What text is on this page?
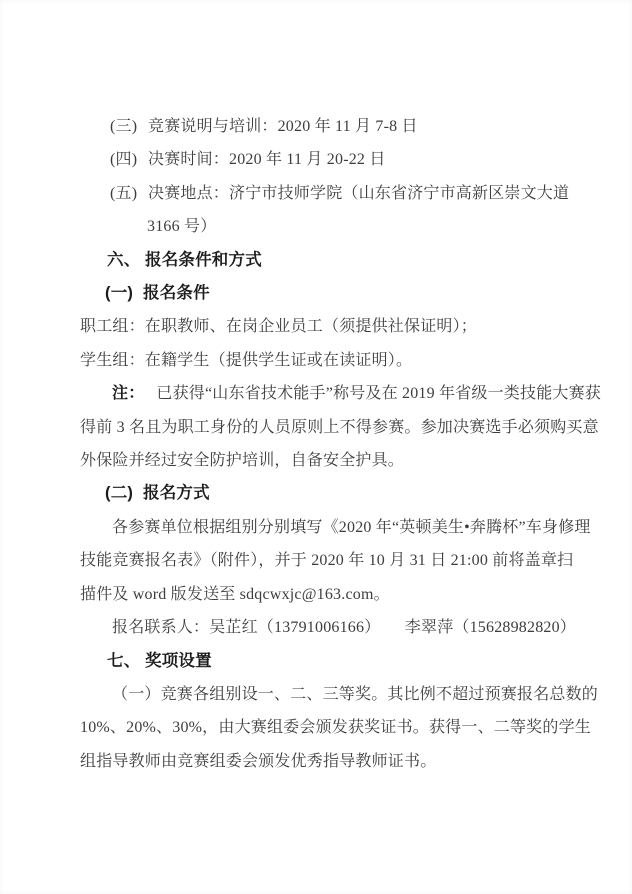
(三) 竞赛说明与培训：2020 年 11 月 7-8 日
(四) 决赛时间：2020 年 11 月 20-22 日
(五) 决赛地点：济宁市技师学院（山东省济宁市高新区崇文大道
3166 号）
六、 报名条件和方式
(一) 报名条件
职工组：在职教师、在岗企业员工（须提供社保证明）；
学生组：在籍学生（提供学生证或在读证明）。
注： 已获得“山东省技术能手”称号及在 2019 年省级一类技能大赛获
得前 3 名且为职工身份的人员原则上不得参赛。参加决赛选手必须购买意
外保险并经过安全防护培训，自备安全护具。
(二) 报名方式
各参赛单位根据组别分别填写《2020 年“英顿美生•奔腾杯”车身修理
技能竞赛报名表》（附件），并于 2020 年 10 月 31 日 21:00 前将盖章扫
描件及 word 版发送至 sdqcwxjc@163.com。
报名联系人：吴芷红（13791006166）　　李翠萍（15628982820）
七、 奖项设置
（一）竞赛各组别设一、二、三等奖。其比例不超过预赛报名总数的
10%、20%、30%，由大赛组委会颁发获奖证书。获得一、二等奖的学生
组指导教师由竞赛组委会颁发优秀指导教师证书。
